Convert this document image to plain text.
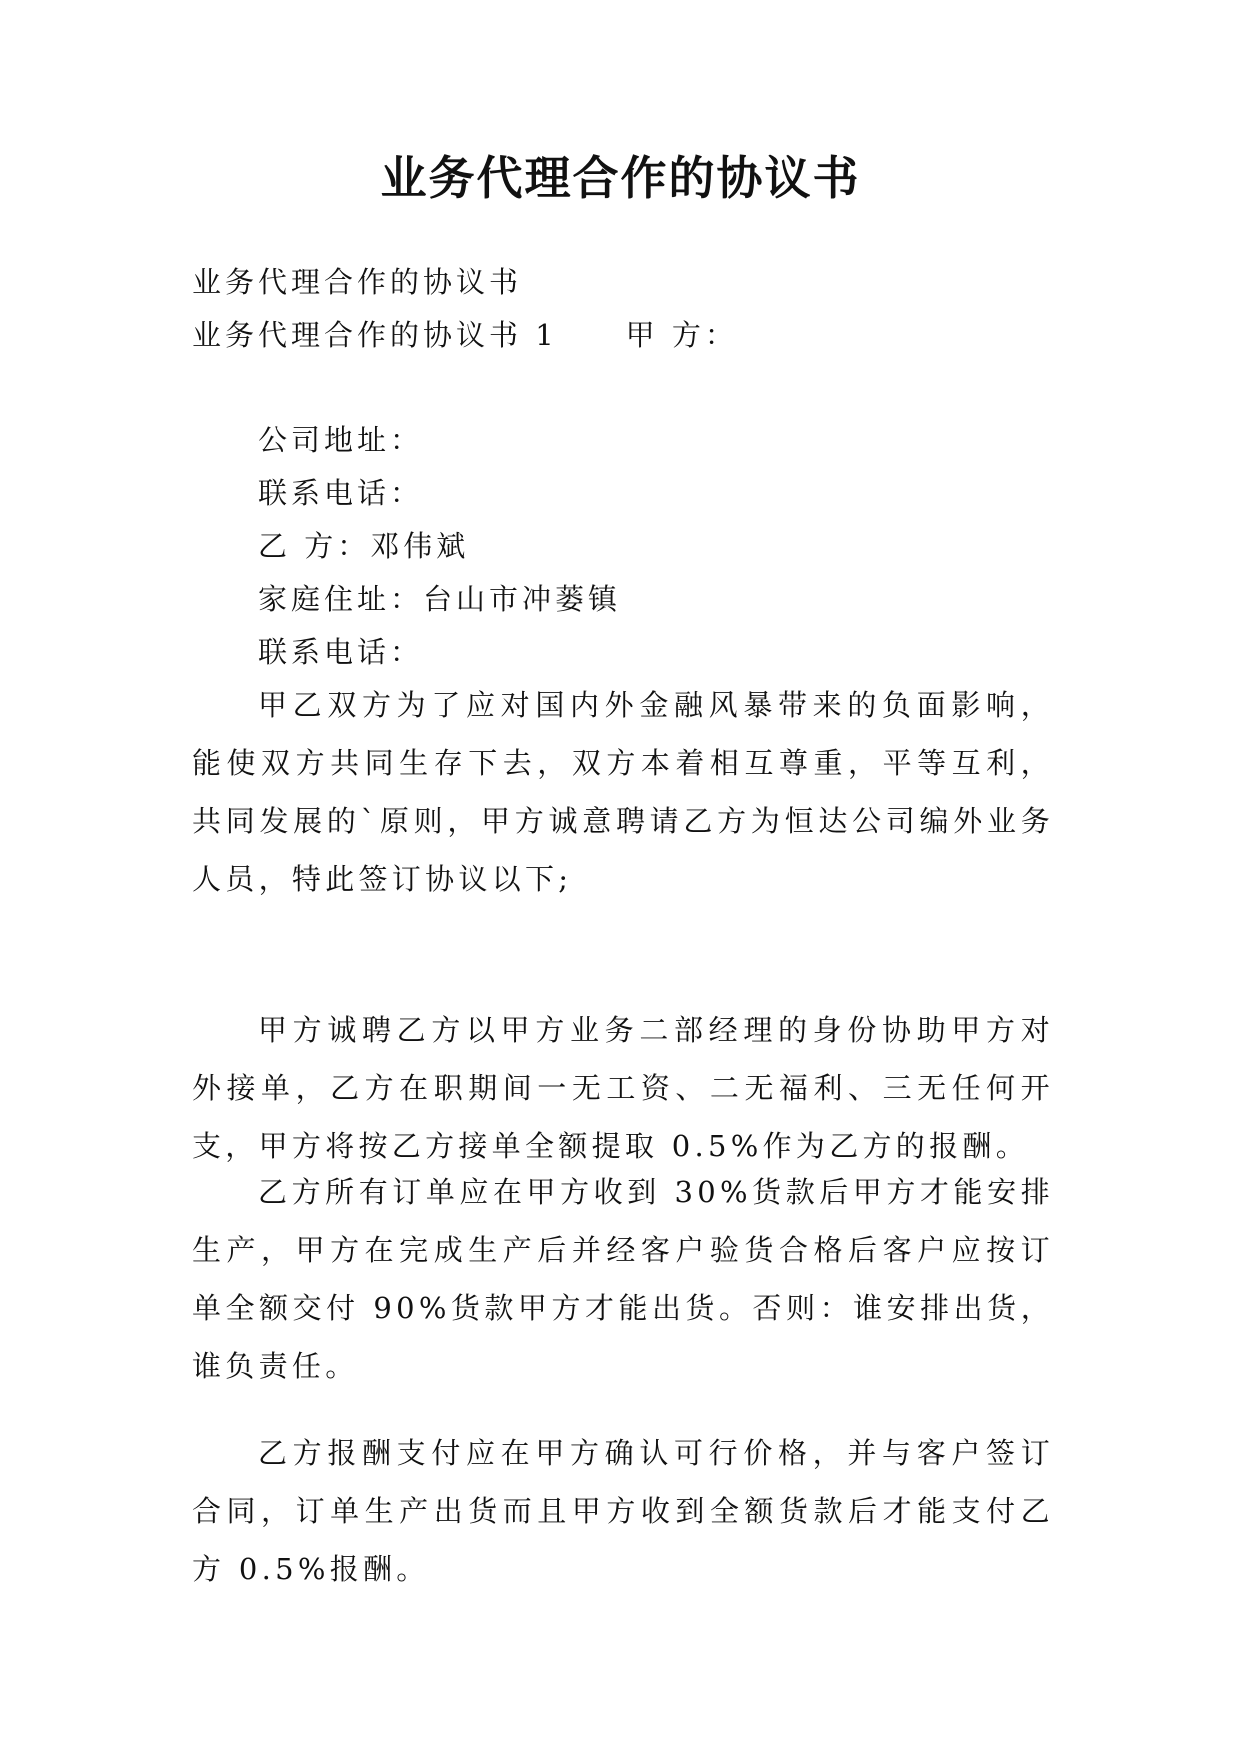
业务代理合作的协议书
业务代理合作的协议书
业务代理合作的协议书 1 甲 方：
公司地址：
联系电话：
乙 方：邓伟斌
家庭住址：台山市冲蒌镇
联系电话：
甲乙双方为了应对国内外金融风暴带来的负面影响，能使双方共同生存下去，双方本着相互尊重，平等互利，共同发展的`原则，甲方诚意聘请乙方为恒达公司编外业务人员，特此签订协议以下;
甲方诚聘乙方以甲方业务二部经理的身份协助甲方对外接单，乙方在职期间一无工资、二无福利、三无任何开支，甲方将按乙方接单全额提取 0.5%作为乙方的报酬。
乙方所有订单应在甲方收到 30%货款后甲方才能安排生产，甲方在完成生产后并经客户验货合格后客户应按订单全额交付 90%货款甲方才能出货。否则：谁安排出货，谁负责任。
乙方报酬支付应在甲方确认可行价格，并与客户签订合同，订单生产出货而且甲方收到全额货款后才能支付乙方 0.5%报酬。
